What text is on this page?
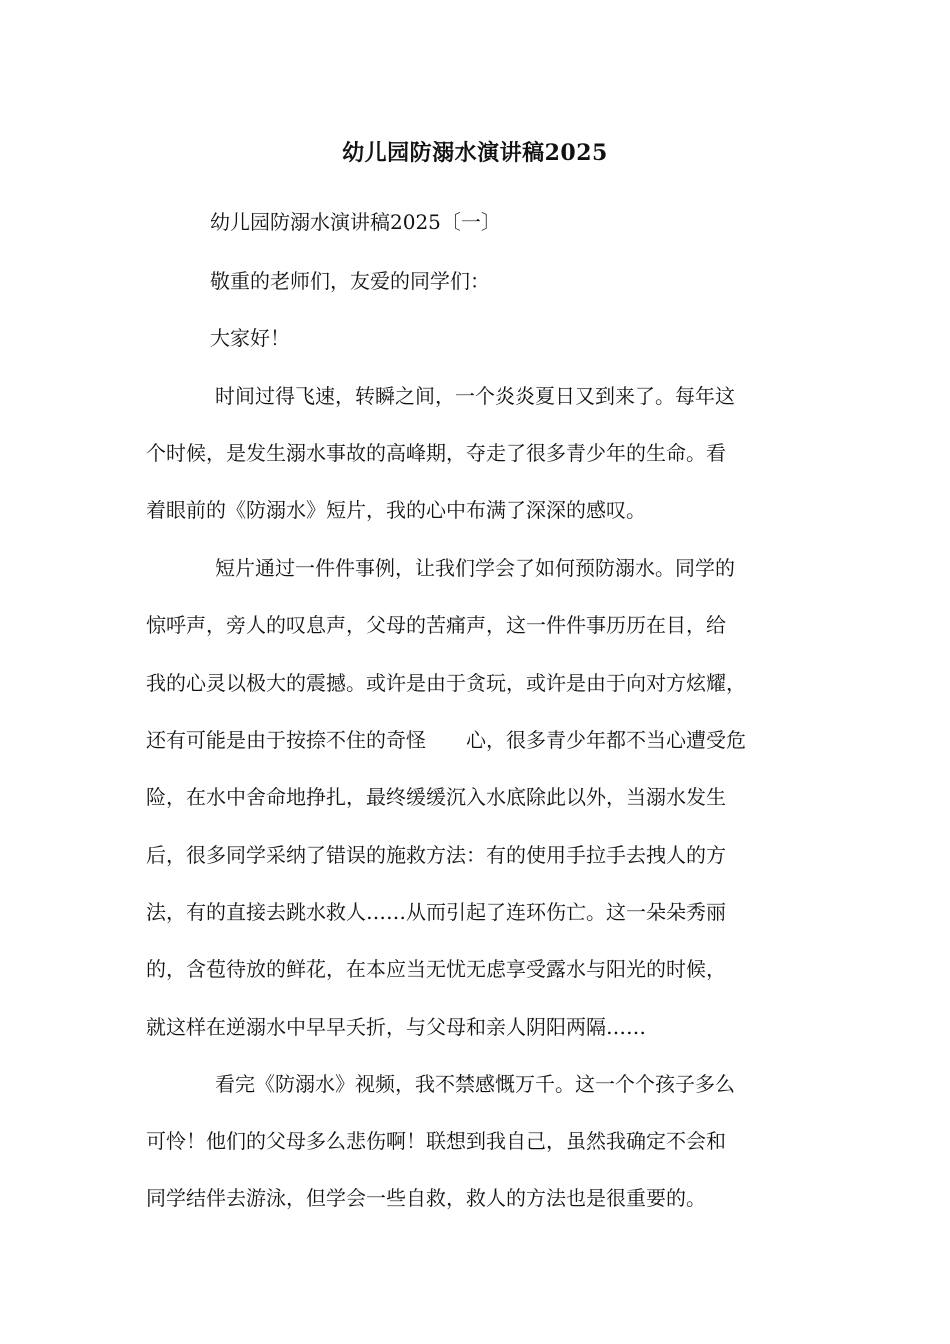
幼儿园防溺水演讲稿2025
幼儿园防溺水演讲稿2025〔一〕
敬重的老师们，友爱的同学们：
大家好！
时间过得飞速，转瞬之间，一个炎炎夏日又到来了。每年这
个时候，是发生溺水事故的高峰期，夺走了很多青少年的生命。看
着眼前的《防溺水》短片，我的心中布满了深深的感叹。
短片通过一件件事例，让我们学会了如何预防溺水。同学的
惊呼声，旁人的叹息声，父母的苦痛声，这一件件事历历在目，给
我的心灵以极大的震撼。或许是由于贪玩，或许是由于向对方炫耀，
还有可能是由于按捺不住的奇怪　　心，很多青少年都不当心遭受危
险，在水中舍命地挣扎，最终缓缓沉入水底除此以外，当溺水发生
后，很多同学采纳了错误的施救方法：有的使用手拉手去拽人的方
法，有的直接去跳水救人……从而引起了连环伤亡。这一朵朵秀丽
的，含苞待放的鲜花，在本应当无忧无虑享受露水与阳光的时候，
就这样在逆溺水中早早夭折，与父母和亲人阴阳两隔……
看完《防溺水》视频，我不禁感慨万千。这一个个孩子多么
可怜！他们的父母多么悲伤啊！联想到我自己，虽然我确定不会和
同学结伴去游泳，但学会一些自救，救人的方法也是很重要的。
